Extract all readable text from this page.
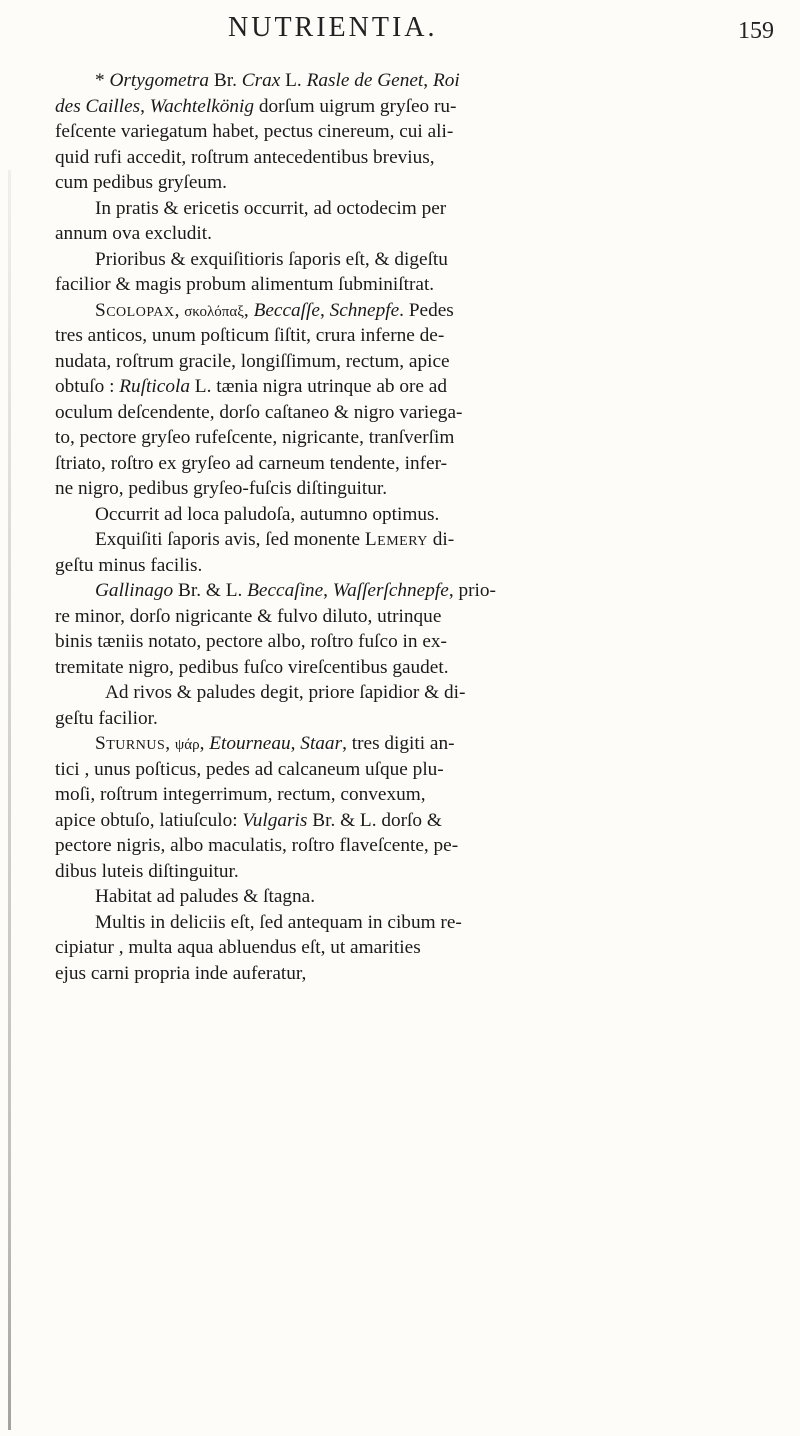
NUTRIENTIA.	159
* Ortygometra Br. Crax L. Rasle de Genet, Roi
des Cailles, Wachtelkönig dorſum uigrum gryſeo ru-
feſcente variegatum habet, pectus cinereum, cui ali-
quid rufi accedit, roſtrum antecedentibus brevius,
cum pedibus gryſeum.
In pratis & ericetis occurrit, ad octodecim per
annum ova excludit.
Prioribus & exquiſitioris ſaporis eſt, & digeſtu
facilior & magis probum alimentum ſubminiſtrat.
Scolopax, σκολόπαξ, Beccaſſe, Schnepfe. Pedes
tres anticos, unum poſticum ſiſtit, crura inferne de-
nudata, roſtrum gracile, longiſſimum, rectum, apice
obtuſo : Ruſticola L. tænia nigra utrinque ab ore ad
oculum deſcendente, dorſo caſtaneo & nigro variega-
to, pectore gryſeo rufeſcente, nigricante, tranſverſim
ſtriato, roſtro ex gryſeo ad carneum tendente, infer-
ne nigro, pedibus gryſeo-fuſcis diſtinguitur.
Occurrit ad loca paludoſa, autumno optimus.
Exquiſiti ſaporis avis, ſed monente Lemery di-
geſtu minus facilis.
Gallinago Br. & L. Beccaſine, Waſſerſchnepfe, prio-
re minor, dorſo nigricante & fulvo diluto, utrinque
binis tæniis notato, pectore albo, roſtro fuſco in ex-
tremitate nigro, pedibus fuſco vireſcentibus gaudet.
Ad rivos & paludes degit, priore ſapidior & di-
geſtu facilior.
Sturnus, ψάρ, Etourneau, Staar, tres digiti an-
tici , unus poſticus, pedes ad calcaneum uſque plu-
moſi, roſtrum integerrimum, rectum, convexum,
apice obtuſo, latiuſculo: Vulgaris Br. & L. dorſo &
pectore nigris, albo maculatis, roſtro flaveſcente, pe-
dibus luteis diſtinguitur.
Habitat ad paludes & ſtagna.
Multis in deliciis eſt, ſed antequam in cibum re-
cipiatur , multa aqua abluendus eſt, ut amarities
ejus carni propria inde auferatur,
